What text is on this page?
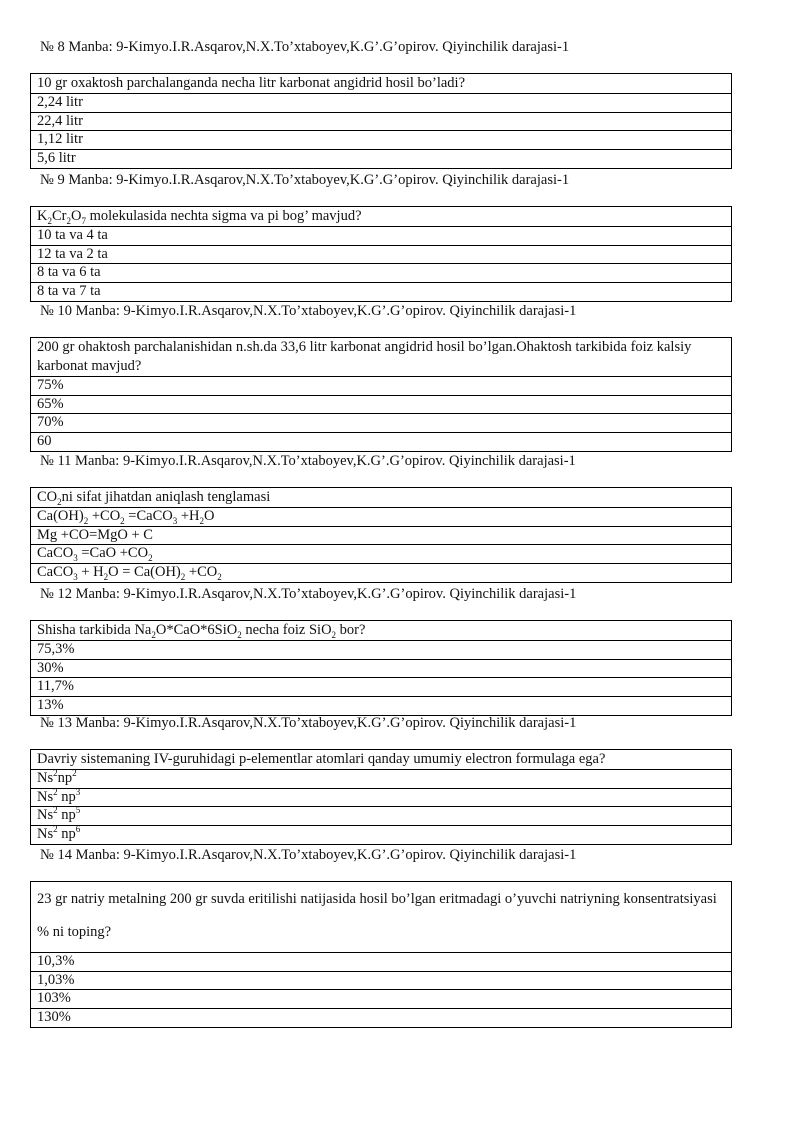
№ 8 Manba: 9-Kimyo.I.R.Asqarov,N.X.To’xtaboyev,K.G’.G’opirov. Qiyinchilik darajasi-1
10 gr oxaktosh parchalanganda necha litr karbonat angidrid hosil bo’ladi?
2,24 litr
22,4 litr
1,12 litr
5,6 litr
№ 9 Manba: 9-Kimyo.I.R.Asqarov,N.X.To’xtaboyev,K.G’.G’opirov. Qiyinchilik darajasi-1
$K_2Cr_2O_7$ molekulasida nechta sigma va pi bog’ mavjud?
10 ta va 4 ta
12 ta va 2 ta
8 ta va 6 ta
8 ta va 7 ta
№ 10 Manba: 9-Kimyo.I.R.Asqarov,N.X.To’xtaboyev,K.G’.G’opirov. Qiyinchilik darajasi-1
200 gr ohaktosh parchalanishidan n.sh.da 33,6 litr karbonat angidrid hosil bo’lgan.Ohaktosh tarkibida foiz kalsiy karbonat mavjud?
75%
65%
70%
60
№ 11 Manba: 9-Kimyo.I.R.Asqarov,N.X.To’xtaboyev,K.G’.G’opirov. Qiyinchilik darajasi-1
$CO_2ni$ sifat jihatdan aniqlash tenglamasi
$Ca(OH)_2 +CO_2$ =CaCO$_3$ $+H_2O$
Mg +CO=MgO + C
CaCO$_3$ $=CaO +CO_2$
CaCO$_3$ + $H_2O = Ca(OH)_2 +CO_2$
№ 12 Manba: 9-Kimyo.I.R.Asqarov,N.X.To’xtaboyev,K.G’.G’opirov. Qiyinchilik darajasi-1
Shisha tarkibida $Na_2O*CaO*6SiO_2$ necha foiz SiO$_2$ bor?
75,3%
30%
11,7%
13%
№ 13 Manba: 9-Kimyo.I.R.Asqarov,N.X.To’xtaboyev,K.G’.G’opirov. Qiyinchilik darajasi-1
Davriy sistemaning IV-guruhidagi p-elementlar atomlari qanday umumiy electron formulaga ega?
$Ns^2np^2$
Ns$^2$ $np^3$
Ns$^2$ $np^5$
Ns$^2$ $np^6$
№ 14 Manba: 9-Kimyo.I.R.Asqarov,N.X.To’xtaboyev,K.G’.G’opirov. Qiyinchilik darajasi-1
23 gr natriy metalning 200 gr suvda eritilishi natijasida hosil bo’lgan eritmadagi o’yuvchi natriyning konsentratsiyasi % ni toping?
10,3%
1,03%
103%
130%
